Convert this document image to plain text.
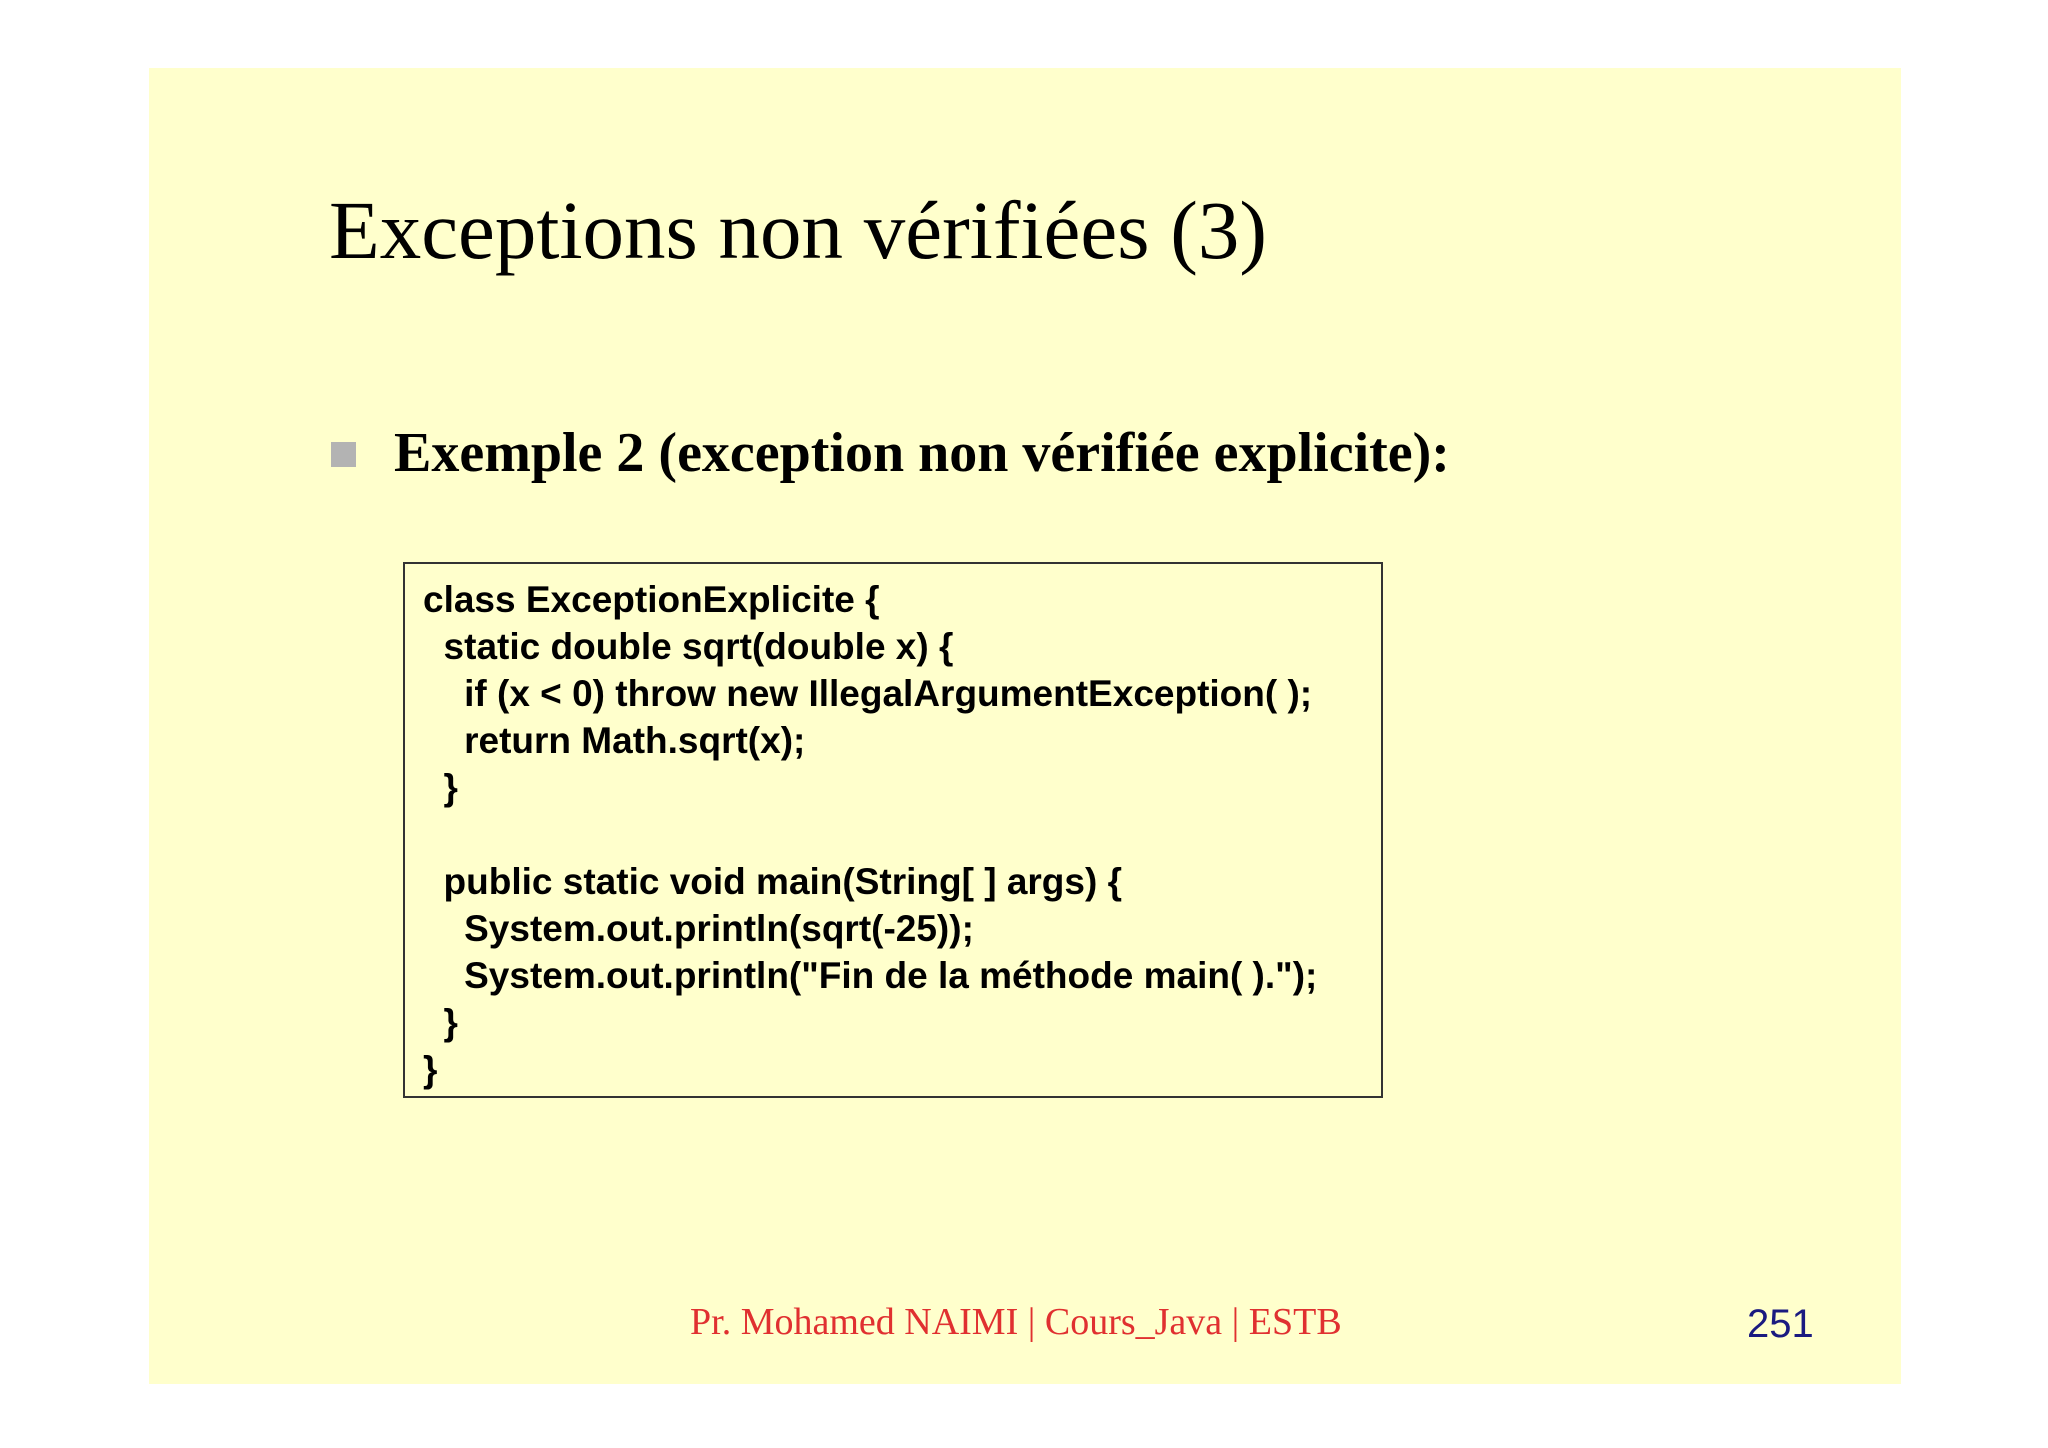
Exceptions non vérifiées (3)
Exemple 2 (exception non vérifiée explicite):
class ExceptionExplicite {
static double sqrt(double x) {
if (x < 0) throw new IllegalArgumentException( );
return Math.sqrt(x);
}
public static void main(String[ ] args) {
System.out.println(sqrt(-25));
System.out.println("Fin de la méthode main( ).");
}
}
Pr. Mohamed NAIMI | Cours_Java | ESTB	251
